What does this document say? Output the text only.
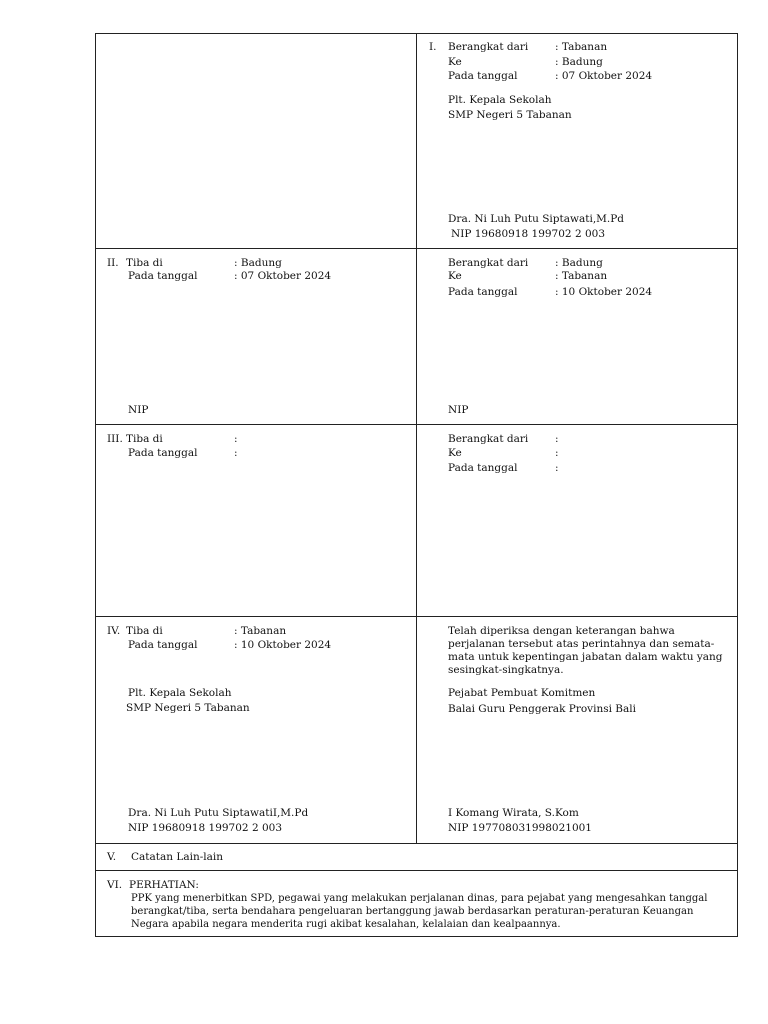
I. Berangkat dari	: Tabanan
Ke	: Badung
Pada tanggal	: 07 Oktober 2024
Plt. Kepala Sekolah
SMP Negeri 5 Tabanan
Dra. Ni Luh Putu Siptawati,M.Pd
NIP 19680918 199702 2 003
II. Tiba di	: Badung
Pada tanggal	: 07 Oktober 2024
NIP
Berangkat dari	: Badung
Ke	: Tabanan
Pada tanggal	: 10 Oktober 2024
NIP
III. Tiba di	:
Pada tanggal	:
Berangkat dari	:
Ke	:
Pada tanggal	:
IV. Tiba di	: Tabanan
Pada tanggal	: 10 Oktober 2024
Plt. Kepala Sekolah
SMP Negeri 5 Tabanan
Dra. Ni Luh Putu SiptawatiI,M.Pd
NIP 19680918 199702 2 003
Telah diperiksa dengan keterangan bahwa perjalanan tersebut atas perintahnya dan semata-mata untuk kepentingan jabatan dalam waktu yang sesingkat-singkatnya.
Pejabat Pembuat Komitmen
Balai Guru Penggerak Provinsi Bali
I Komang Wirata, S.Kom
NIP 197708031998021001
V. Catatan Lain-lain
VI. PERHATIAN:
PPK yang menerbitkan SPD, pegawai yang melakukan perjalanan dinas, para pejabat yang mengesahkan tanggal berangkat/tiba, serta bendahara pengeluaran bertanggung jawab berdasarkan peraturan-peraturan Keuangan Negara apabila negara menderita rugi akibat kesalahan, kelalaian dan kealpaannya.
